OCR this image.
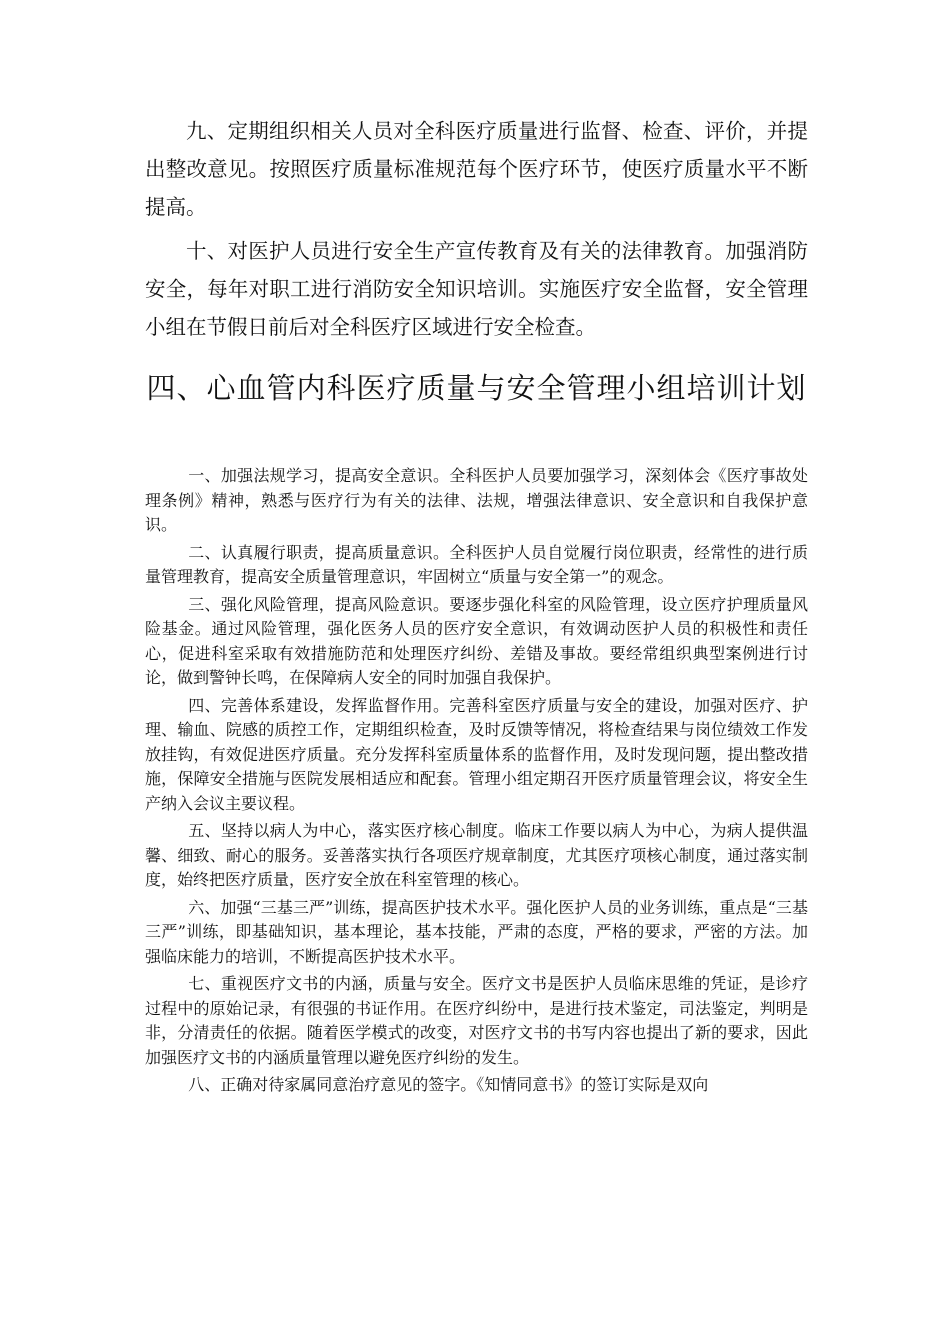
九、定期组织相关人员对全科医疗质量进行监督、检查、评价，并提出整改意见。按照医疗质量标准规范每个医疗环节，使医疗质量水平不断提高。

十、对医护人员进行安全生产宣传教育及有关的法律教育。加强消防安全，每年对职工进行消防安全知识培训。实施医疗安全监督，安全管理小组在节假日前后对全科医疗区域进行安全检查。

四、心血管内科医疗质量与安全管理小组培训计划

一、加强法规学习，提高安全意识。全科医护人员要加强学习，深刻体会《医疗事故处理条例》精神，熟悉与医疗行为有关的法律、法规，增强法律意识、安全意识和自我保护意识。

二、认真履行职责，提高质量意识。全科医护人员自觉履行岗位职责，经常性的进行质量管理教育，提高安全质量管理意识，牢固树立“质量与安全第一”的观念。

三、强化风险管理，提高风险意识。要逐步强化科室的风险管理，设立医疗护理质量风险基金。通过风险管理，强化医务人员的医疗安全意识，有效调动医护人员的积极性和责任心，促进科室采取有效措施防范和处理医疗纠纷、差错及事故。要经常组织典型案例进行讨论，做到警钟长鸣，在保障病人安全的同时加强自我保护。

四、完善体系建设，发挥监督作用。完善科室医疗质量与安全的建设，加强对医疗、护理、输血、院感的质控工作，定期组织检查，及时反馈等情况，将检查结果与岗位绩效工作发放挂钩，有效促进医疗质量。充分发挥科室质量体系的监督作用，及时发现问题，提出整改措施，保障安全措施与医院发展相适应和配套。管理小组定期召开医疗质量管理会议，将安全生产纳入会议主要议程。

五、坚持以病人为中心，落实医疗核心制度。临床工作要以病人为中心，为病人提供温馨、细致、耐心的服务。妥善落实执行各项医疗规章制度，尤其医疗项核心制度，通过落实制度，始终把医疗质量，医疗安全放在科室管理的核心。

六、加强“三基三严”训练，提高医护技术水平。强化医护人员的业务训练，重点是“三基三严”训练，即基础知识，基本理论，基本技能，严肃的态度，严格的要求，严密的方法。加强临床能力的培训，不断提高医护技术水平。

七、重视医疗文书的内涵，质量与安全。医疗文书是医护人员临床思维的凭证，是诊疗过程中的原始记录，有很强的书证作用。在医疗纠纷中，是进行技术鉴定，司法鉴定，判明是非，分清责任的依据。随着医学模式的改变，对医疗文书的书写内容也提出了新的要求，因此加强医疗文书的内涵质量管理以避免医疗纠纷的发生。

八、正确对待家属同意治疗意见的签字。《知情同意书》的签订实际是双向
